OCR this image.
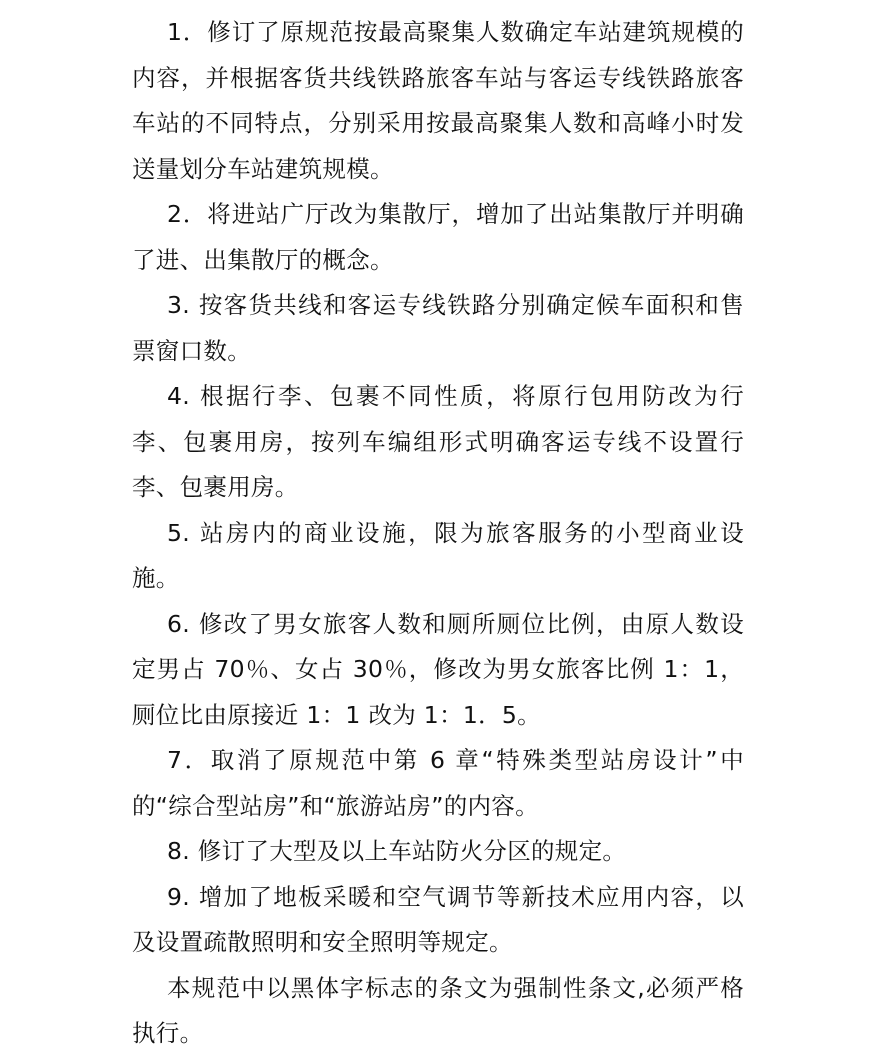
1．修订了原规范按最高聚集人数确定车站建筑规模的内容，并根据客货共线铁路旅客车站与客运专线铁路旅客车站的不同特点，分别采用按最高聚集人数和高峰小时发送量划分车站建筑规模。

2．将进站广厅改为集散厅，增加了出站集散厅并明确了进、出集散厅的概念。

3. 按客货共线和客运专线铁路分别确定候车面积和售票窗口数。

4. 根据行李、包裹不同性质，将原行包用防改为行李、包裹用房，按列车编组形式明确客运专线不设置行李、包裹用房。

5. 站房内的商业设施，限为旅客服务的小型商业设施。

6. 修改了男女旅客人数和厕所厕位比例，由原人数设定男占 70％、女占 30％，修改为男女旅客比例 1：1，厕位比由原接近 1：1 改为 1：1．5。

7．取消了原规范中第 6 章“特殊类型站房设计”中的“综合型站房”和“旅游站房”的内容。

8. 修订了大型及以上车站防火分区的规定。

9. 增加了地板采暖和空气调节等新技术应用内容，以及设置疏散照明和安全照明等规定。

本规范中以黑体字标志的条文为强制性条文,必须严格执行。
